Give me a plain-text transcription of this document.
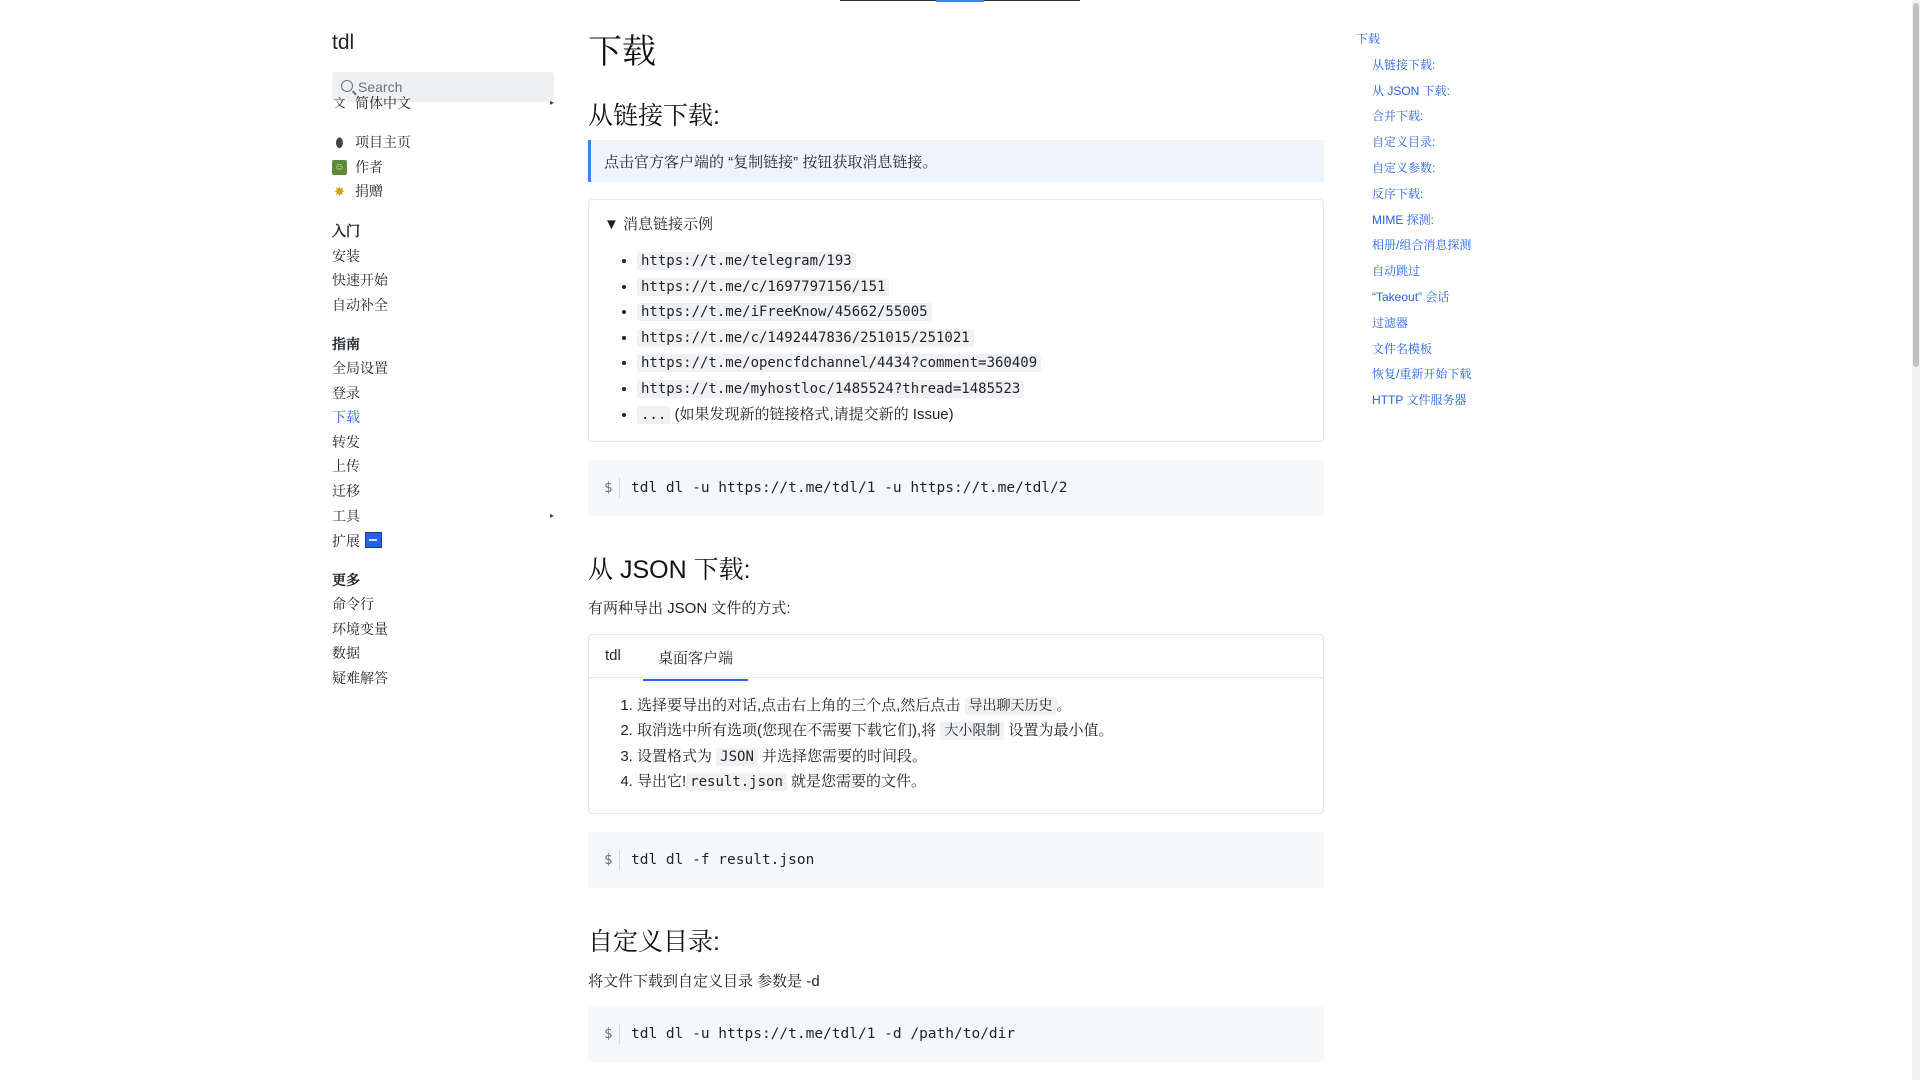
tdl
Search
文 简体中文	▸
⬮ 项目主页
☺ 作者
✸ 捐赠
入门
安装
快速开始
自动补全
指南
全局设置
登录
下载
转发
上传
迁移
工具	▸
扩展
更多
命令行
环境变量
数据
疑难解答
下载
从链接下载:
点击官方客户端的 “复制链接” 按钮获取消息链接。
▼ 消息链接示例
• https://t.me/telegram/193
• https://t.me/c/1697797156/151
• https://t.me/iFreeKnow/45662/55005
• https://t.me/c/1492447836/251015/251021
• https://t.me/opencfdchannel/4434?comment=360409
• https://t.me/myhostloc/1485524?thread=1485523
• ... (如果发现新的链接格式,请提交新的 Issue)
$ tdl dl -u https://t.me/tdl/1 -u https://t.me/tdl/2
从 JSON 下载:
有两种导出 JSON 文件的方式:
tdl 桌面客户端
1. 选择要导出的对话,点击右上角的三个点,然后点击 导出聊天历史 。
2. 取消选中所有选项(您现在不需要下载它们),将 大小限制 设置为最小值。
3. 设置格式为 JSON 并选择您需要的时间段。
4. 导出它! result.json 就是您需要的文件。
$ tdl dl -f result.json
自定义目录:
将文件下载到自定义目录 参数是 -d
$ tdl dl -u https://t.me/tdl/1 -d /path/to/dir
下载
从链接下载:
从 JSON 下载:
合并下载:
自定义目录:
自定义参数:
反序下载:
MIME 探测:
相册/组合消息探测
自动跳过
“Takeout” 会话
过滤器
文件名模板
恢复/重新开始下载
HTTP 文件服务器
